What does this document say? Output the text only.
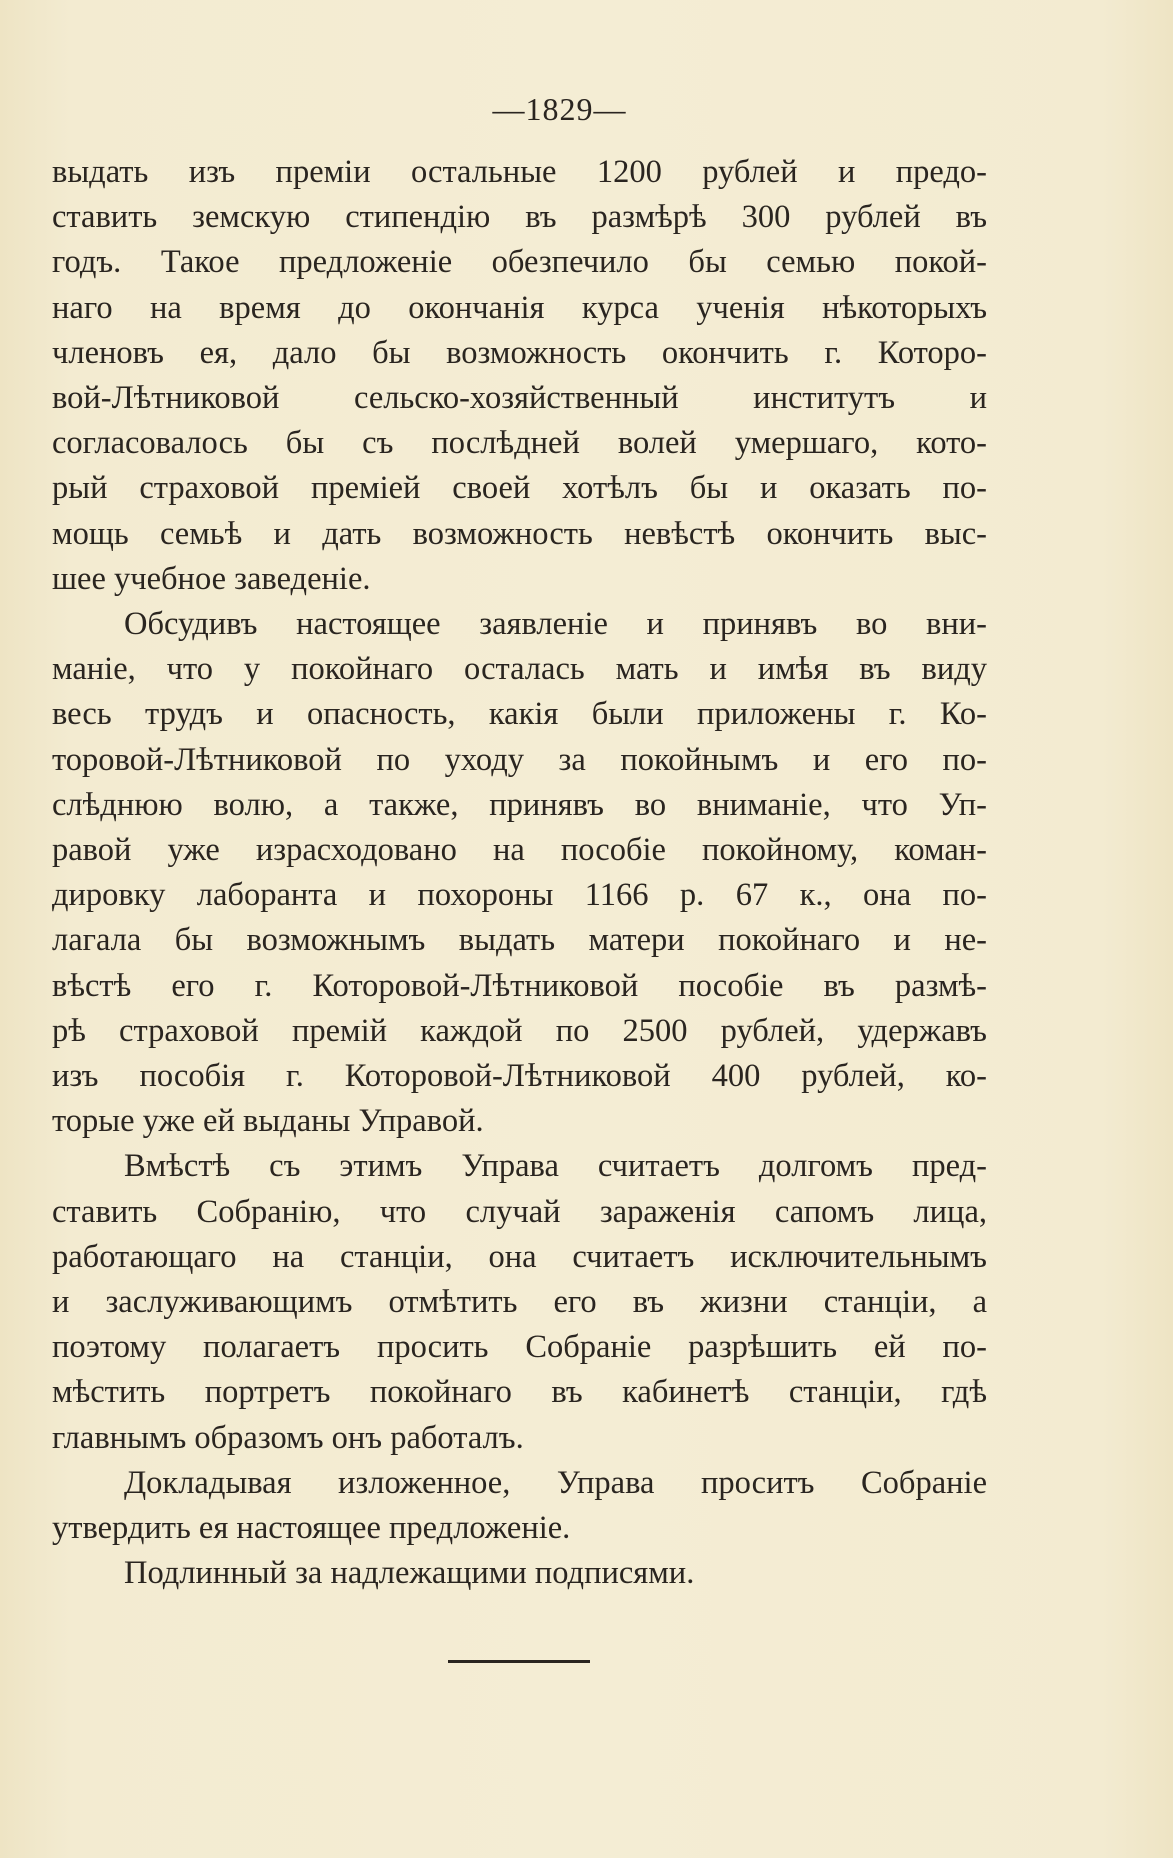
—1829—
выдать изъ преміи остальные 1200 рублей и предо-
ставить земскую стипендію въ размѣрѣ 300 рублей въ
годъ. Такое предложеніе обезпечило бы семью покой-
наго на время до окончанія курса ученія нѣкоторыхъ
членовъ ея, дало бы возможность окончить г. Которо-
вой-Лѣтниковой сельско-хозяйственный институтъ и
согласовалось бы съ послѣдней волей умершаго, кото-
рый страховой преміей своей хотѣлъ бы и оказать по-
мощь семьѣ и дать возможность невѣстѣ окончить выс-
шее учебное заведеніе.
Обсудивъ настоящее заявленіе и принявъ во вни-
маніе, что у покойнаго осталась мать и имѣя въ виду
весь трудъ и опасность, какія были приложены г. Ко-
торовой-Лѣтниковой по уходу за покойнымъ и его по-
слѣднюю волю, а также, принявъ во вниманіе, что Уп-
равой уже израсходовано на пособіе покойному, коман-
дировку лаборанта и похороны 1166 р. 67 к., она по-
лагала бы возможнымъ выдать матери покойнаго и не-
вѣстѣ его г. Которовой-Лѣтниковой пособіе въ размѣ-
рѣ страховой премій каждой по 2500 рублей, удержавъ
изъ пособія г. Которовой-Лѣтниковой 400 рублей, ко-
торые уже ей выданы Управой.
Вмѣстѣ съ этимъ Управа считаетъ долгомъ пред-
ставить Собранію, что случай зараженія сапомъ лица,
работающаго на станціи, она считаетъ исключительнымъ
и заслуживающимъ отмѣтить его въ жизни станціи, а
поэтому полагаетъ просить Собраніе разрѣшить ей по-
мѣстить портретъ покойнаго въ кабинетѣ станціи, гдѣ
главнымъ образомъ онъ работалъ.
Докладывая изложенное, Управа проситъ Собраніе
утвердить ея настоящее предложеніе.
Подлинный за надлежащими подписями.
